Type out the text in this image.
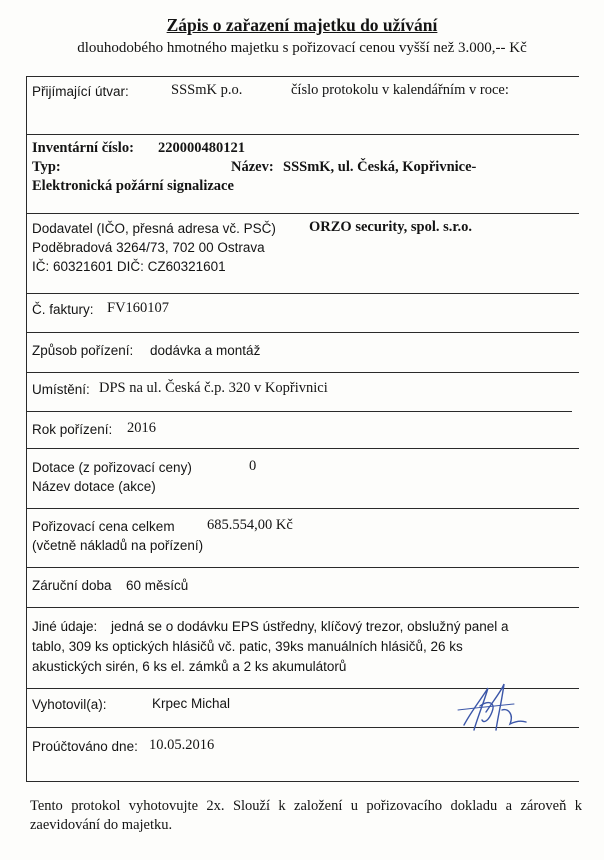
Zápis o zařazení majetku do užívání
dlouhodobého hmotného majetku s pořizovací cenou vyšší než 3.000,-- Kč
Přijímající útvar:	SSSmK p.o.	číslo protokolu v kalendářním v roce:
Inventární číslo: 220000480121
Typ:	Název: SSSmK, ul. Česká, Kopřivnice-
Elektronická požární signalizace
Dodavatel (IČO, přesná adresa vč. PSČ) ORZO security, spol. s.r.o.
Poděbradová 3264/73, 702 00 Ostrava
IČ: 60321601 DIČ: CZ60321601
Č. faktury: FV160107
Způsob pořízení: dodávka a montáž
Umístění: DPS na ul. Česká č.p. 320 v Kopřivnici
Rok pořízení: 2016
Dotace (z pořizovací ceny)	0
Název dotace (akce)
Pořizovací cena celkem 685.554,00 Kč
(včetně nákladů na pořízení)
Záruční doba 60 měsíců
Jiné údaje: jedná se o dodávku EPS ústředny, klíčový trezor, obslužný panel a
tablo, 309 ks optických hlásičů vč. patic, 39ks manuálních hlásičů, 26 ks
akustických sirén, 6 ks el. zámků a 2 ks akumulátorů
Vyhotovil(a):	Krpec Michal
Proúčtováno dne: 10.05.2016
Tento protokol vyhotovujte 2x. Slouží k založení u pořizovacího dokladu a zároveň k zaevidování do majetku.
